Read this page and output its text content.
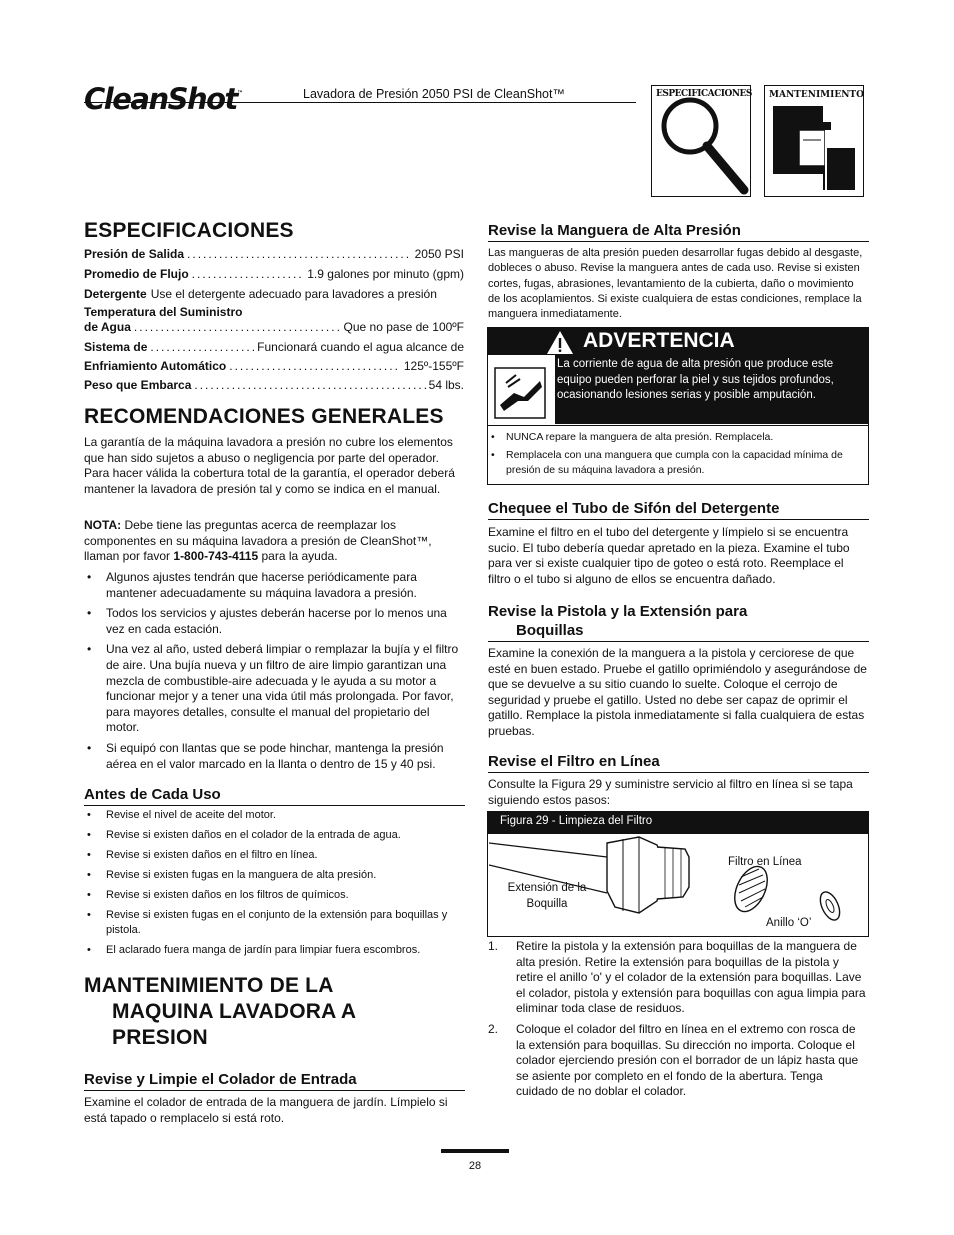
CleanShot™	Lavadora de Presión 2050 PSI de CleanShot™	ESPECIFICACIONES MANTENIMIENTO
ESPECIFICACIONES
Presión de Salida .....	2050 PSI
Promedio de Flujo .....	1.9 galones por minuto (gpm)
Detergente Use el detergente adecuado para lavadores a presión
Temperatura del Suministro
de Agua .....	Que no pase de 100ºF
Sistema de .....	Funcionará cuando el agua alcance de
Enfriamiento Automático .....	125º-155ºF
Peso que Embarca .....	54 lbs.
RECOMENDACIONES GENERALES
La garantía de la máquina lavadora a presión no cubre los elementos que han sido sujetos a abuso o negligencia por parte del operador. Para hacer válida la cobertura total de la garantía, el operador deberá mantener la lavadora de presión tal y como se indica en el manual.
NOTA: Debe tiene las preguntas acerca de reemplazar los componentes en su máquina lavadora a presión de CleanShot™, llaman por favor 1-800-743-4115 para la ayuda.
• Algunos ajustes tendrán que hacerse periódicamente para mantener adecuadamente su máquina lavadora a presión.
• Todos los servicios y ajustes deberán hacerse por lo menos una vez en cada estación.
• Una vez al año, usted deberá limpiar o remplazar la bujía y el filtro de aire. Una bujía nueva y un filtro de aire limpio garantizan una mezcla de combustible-aire adecuada y le ayuda a su motor a funcionar mejor y a tener una vida útil más prolongada. Por favor, para mayores detalles, consulte el manual del propietario del motor.
• Si equipó con llantas que se pode hinchar, mantenga la presión aérea en el valor marcado en la llanta o dentro de 15 y 40 psi.
Antes de Cada Uso
• Revise el nivel de aceite del motor.
• Revise si existen daños en el colador de la entrada de agua.
• Revise si existen daños en el filtro en línea.
• Revise si existen fugas en la manguera de alta presión.
• Revise si existen daños en los filtros de químicos.
• Revise si existen fugas en el conjunto de la extensión para boquillas y pistola.
• El aclarado fuera manga de jardín para limpiar fuera escombros.
MANTENIMIENTO DE LA
MAQUINA LAVADORA A
PRESION
Revise y Limpie el Colador de Entrada
Examine el colador de entrada de la manguera de jardín. Límpielo si está tapado o remplacelo si está roto.
Revise la Manguera de Alta Presión
Las mangueras de alta presión pueden desarrollar fugas debido al desgaste, dobleces o abuso. Revise la manguera antes de cada uso. Revise si existen cortes, fugas, abrasiones, levantamiento de la cubierta, daño o movimiento de los acoplamientos. Si existe cualquiera de estas condiciones, remplace la manguera inmediatamente.
ADVERTENCIA
La corriente de agua de alta presión que produce este equipo pueden perforar la piel y sus tejidos profundos, ocasionando lesiones serias y posible amputación.
• NUNCA repare la manguera de alta presión. Remplacela.
• Remplacela con una manguera que cumpla con la capacidad mínima de presión de su máquina lavadora a presión.
Chequee el Tubo de Sifón del Detergente
Examine el filtro en el tubo del detergente y límpielo si se encuentra sucio. El tubo debería quedar apretado en la pieza. Examine el tubo para ver si existe cualquier tipo de goteo o está roto. Reemplace el filtro o el tubo si alguno de ellos se encuentra dañado.
Revise la Pistola y la Extensión para
Boquillas
Examine la conexión de la manguera a la pistola y cerciorese de que esté en buen estado. Pruebe el gatillo oprimiéndolo y asegurándose de que se devuelve a su sitio cuando lo suelte. Coloque el cerrojo de seguridad y pruebe el gatillo. Usted no debe ser capaz de oprimir el gatillo. Remplace la pistola inmediatamente si falla cualquiera de estas pruebas.
Revise el Filtro en Línea
Consulte la Figura 29 y suministre servicio al filtro en línea si se tapa siguiendo estos pasos:
Figura 29 - Limpieza del Filtro
Extensión de la Boquilla
Filtro en Línea
Anillo ‘O’
1. Retire la pistola y la extensión para boquillas de la manguera de alta presión. Retire la extensión para boquillas de la pistola y retire el anillo 'o' y el colador de la extensión para boquillas. Lave el colador, pistola y extensión para boquillas con agua limpia para eliminar toda clase de residuos.
2. Coloque el colador del filtro en línea en el extremo con rosca de la extensión para boquillas. Su dirección no importa. Coloque el colador ejerciendo presión con el borrador de un lápiz hasta que se asiente por completo en el fondo de la abertura. Tenga cuidado de no doblar el colador.
28
